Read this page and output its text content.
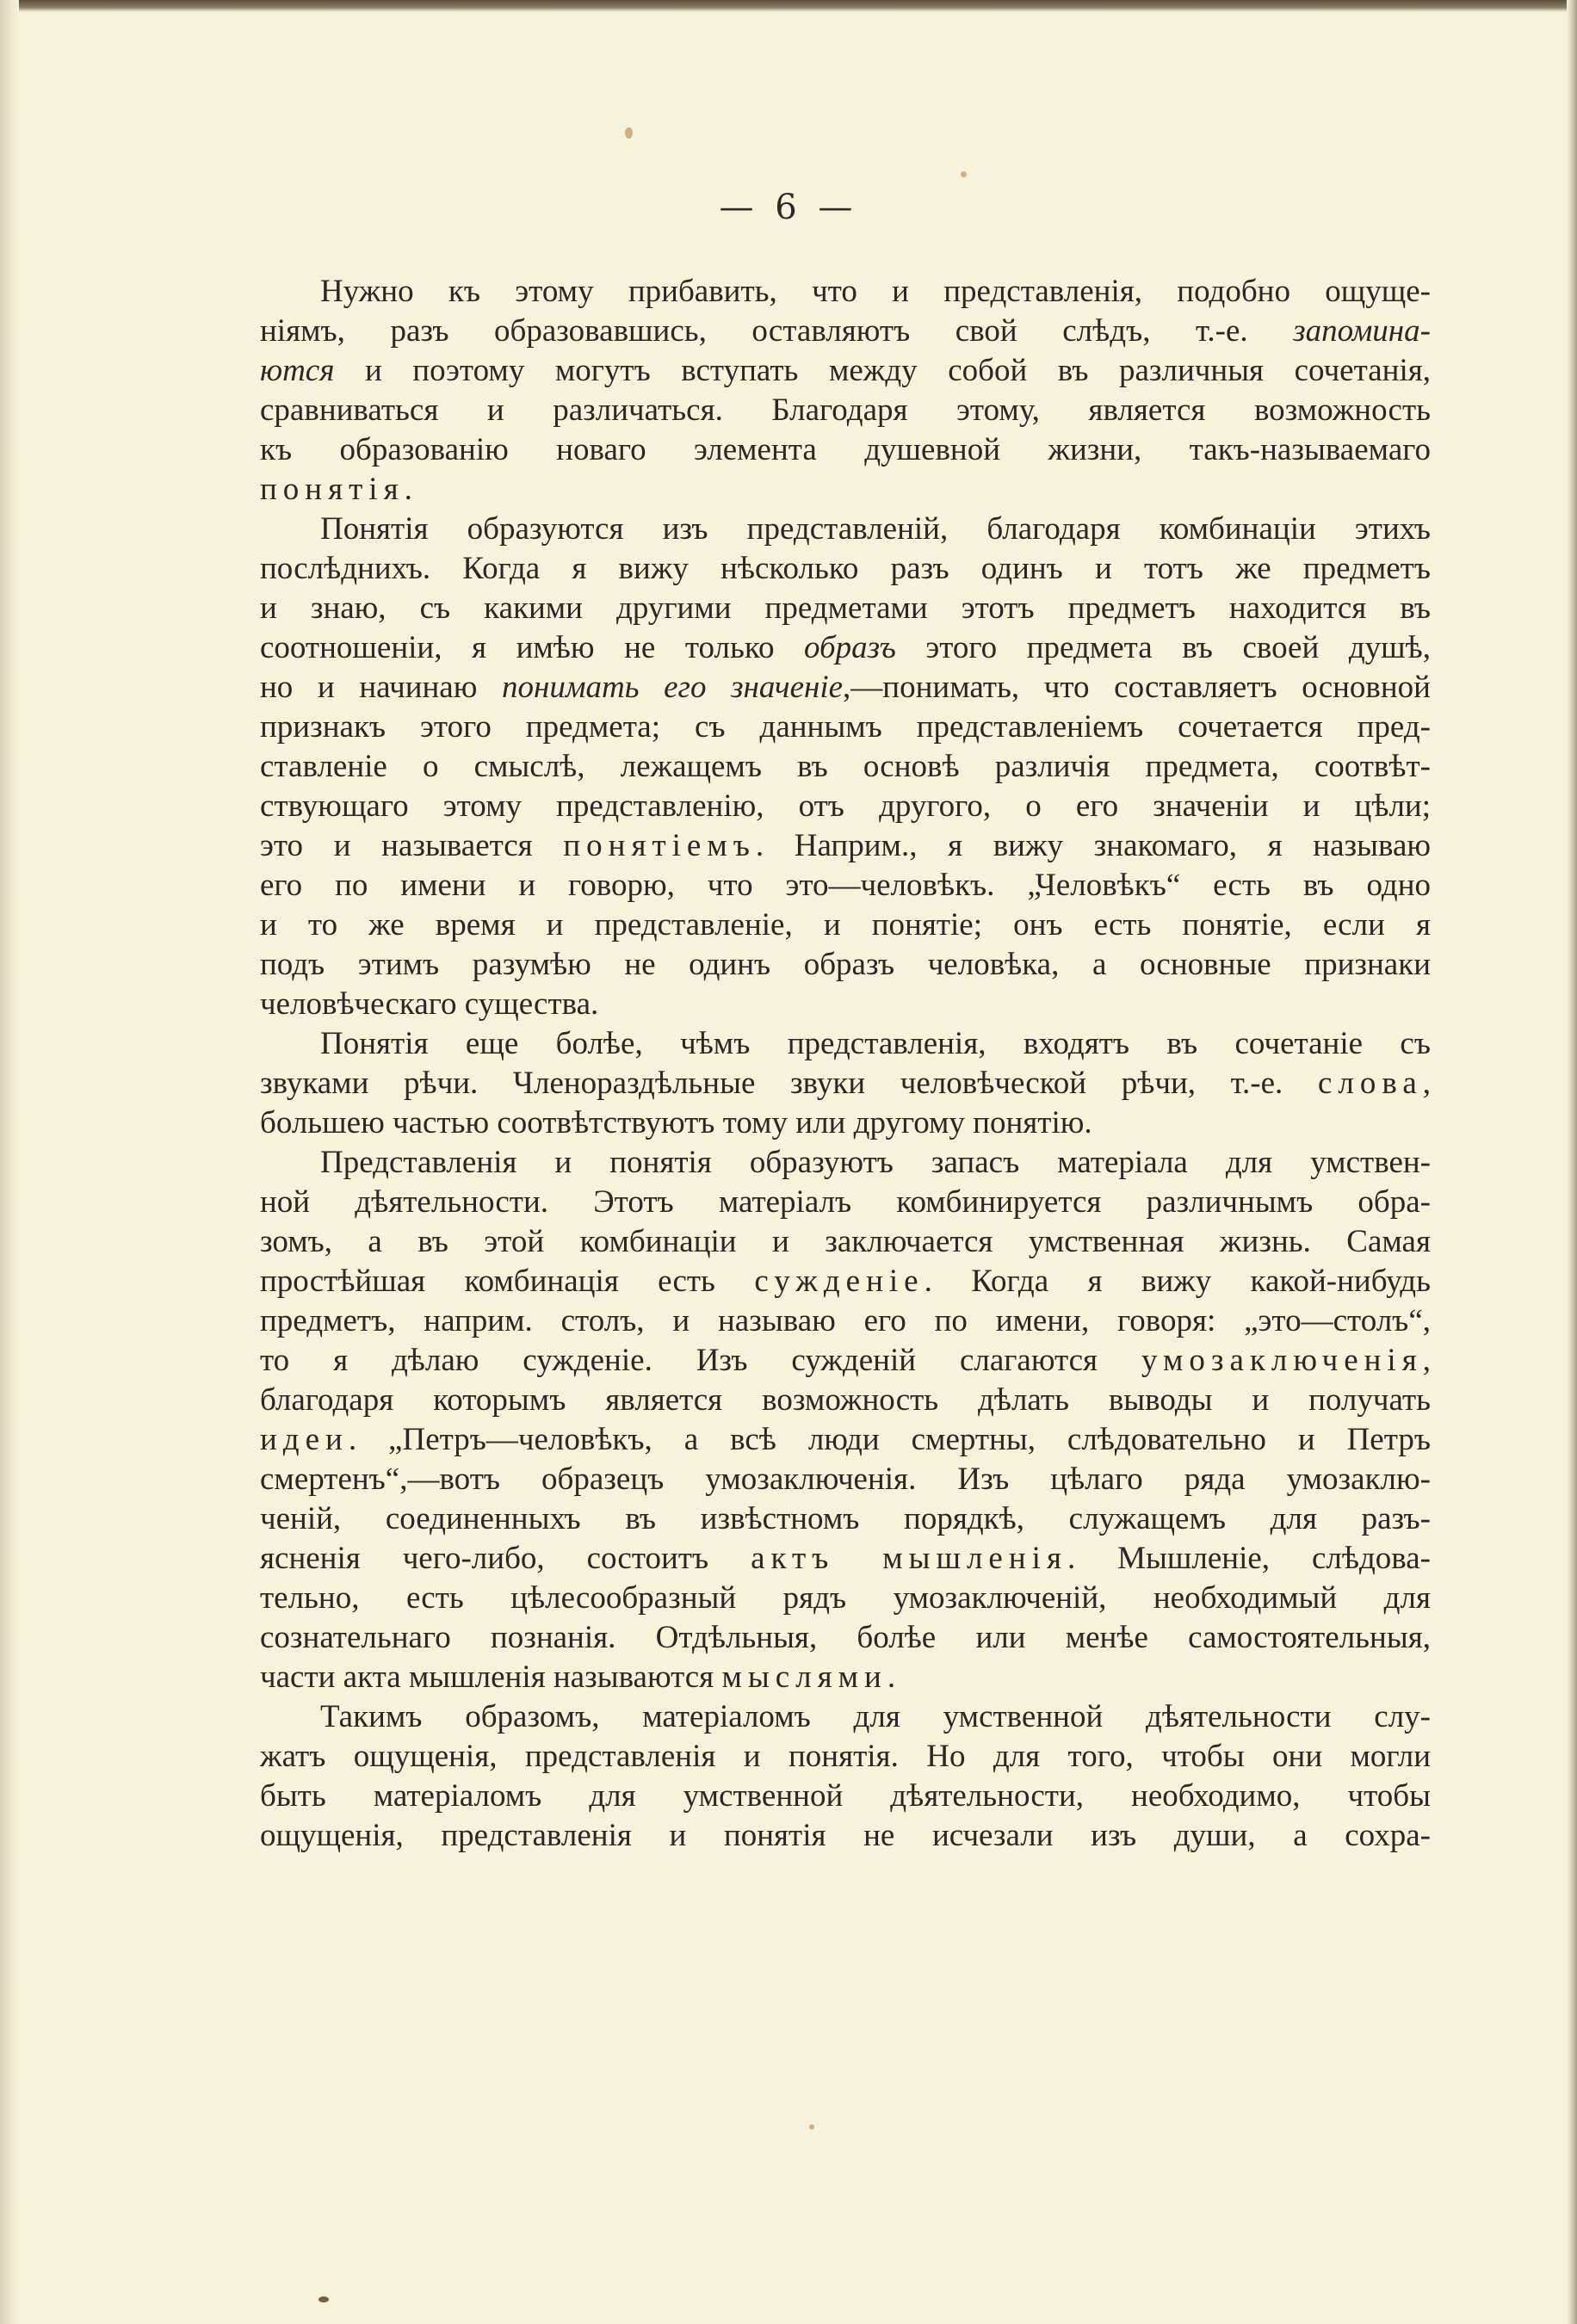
— 6 —
Нужно къ этому прибавить, что и представленія, подобно ощуще-
ніямъ, разъ образовавшись, оставляютъ свой слѣдъ, т.-е. запомина-
ются и поэтому могутъ вступать между собой въ различныя сочетанія,
сравниваться и различаться. Благодаря этому, является возможность
къ образованію новаго элемента душевной жизни, такъ-называемаго
понятія.
Понятія образуются изъ представленій, благодаря комбинаціи этихъ
послѣднихъ. Когда я вижу нѣсколько разъ одинъ и тотъ же предметъ
и знаю, съ какими другими предметами этотъ предметъ находится въ
соотношеніи, я имѣю не только образъ этого предмета въ своей душѣ,
но и начинаю понимать его значеніе,—понимать, что составляетъ основной
признакъ этого предмета; съ даннымъ представленіемъ сочетается пред-
ставленіе о смыслѣ, лежащемъ въ основѣ различія предмета, соотвѣт-
ствующаго этому представленію, отъ другого, о его значеніи и цѣли;
это и называется понятіемъ. Наприм., я вижу знакомаго, я называю
его по имени и говорю, что это—человѣкъ. „Человѣкъ“ есть въ одно
и то же время и представленіе, и понятіе; онъ есть понятіе, если я
подъ этимъ разумѣю не одинъ образъ человѣка, а основные признаки
человѣческаго существа.
Понятія еще болѣе, чѣмъ представленія, входятъ въ сочетаніе съ
звуками рѣчи. Членораздѣльные звуки человѣческой рѣчи, т.-е. слова,
большею частью соотвѣтствуютъ тому или другому понятію.
Представленія и понятія образуютъ запасъ матеріала для умствен-
ной дѣятельности. Этотъ матеріалъ комбинируется различнымъ обра-
зомъ, а въ этой комбинаціи и заключается умственная жизнь. Самая
простѣйшая комбинація есть сужденіе. Когда я вижу какой-нибудь
предметъ, наприм. столъ, и называю его по имени, говоря: „это—столъ“,
то я дѣлаю сужденіе. Изъ сужденій слагаются умозаключенія,
благодаря которымъ является возможность дѣлать выводы и получать
идеи. „Петръ—человѣкъ, а всѣ люди смертны, слѣдовательно и Петръ
смертенъ“,—вотъ образецъ умозаключенія. Изъ цѣлаго ряда умозаклю-
ченій, соединенныхъ въ извѣстномъ порядкѣ, служащемъ для разъ-
ясненія чего-либо, состоитъ актъ мышленія. Мышленіе, слѣдова-
тельно, есть цѣлесообразный рядъ умозаключеній, необходимый для
сознательнаго познанія. Отдѣльныя, болѣе или менѣе самостоятельныя,
части акта мышленія называются мыслями.
Такимъ образомъ, матеріаломъ для умственной дѣятельности слу-
жатъ ощущенія, представленія и понятія. Но для того, чтобы они могли
быть матеріаломъ для умственной дѣятельности, необходимо, чтобы
ощущенія, представленія и понятія не исчезали изъ души, а сохра-
